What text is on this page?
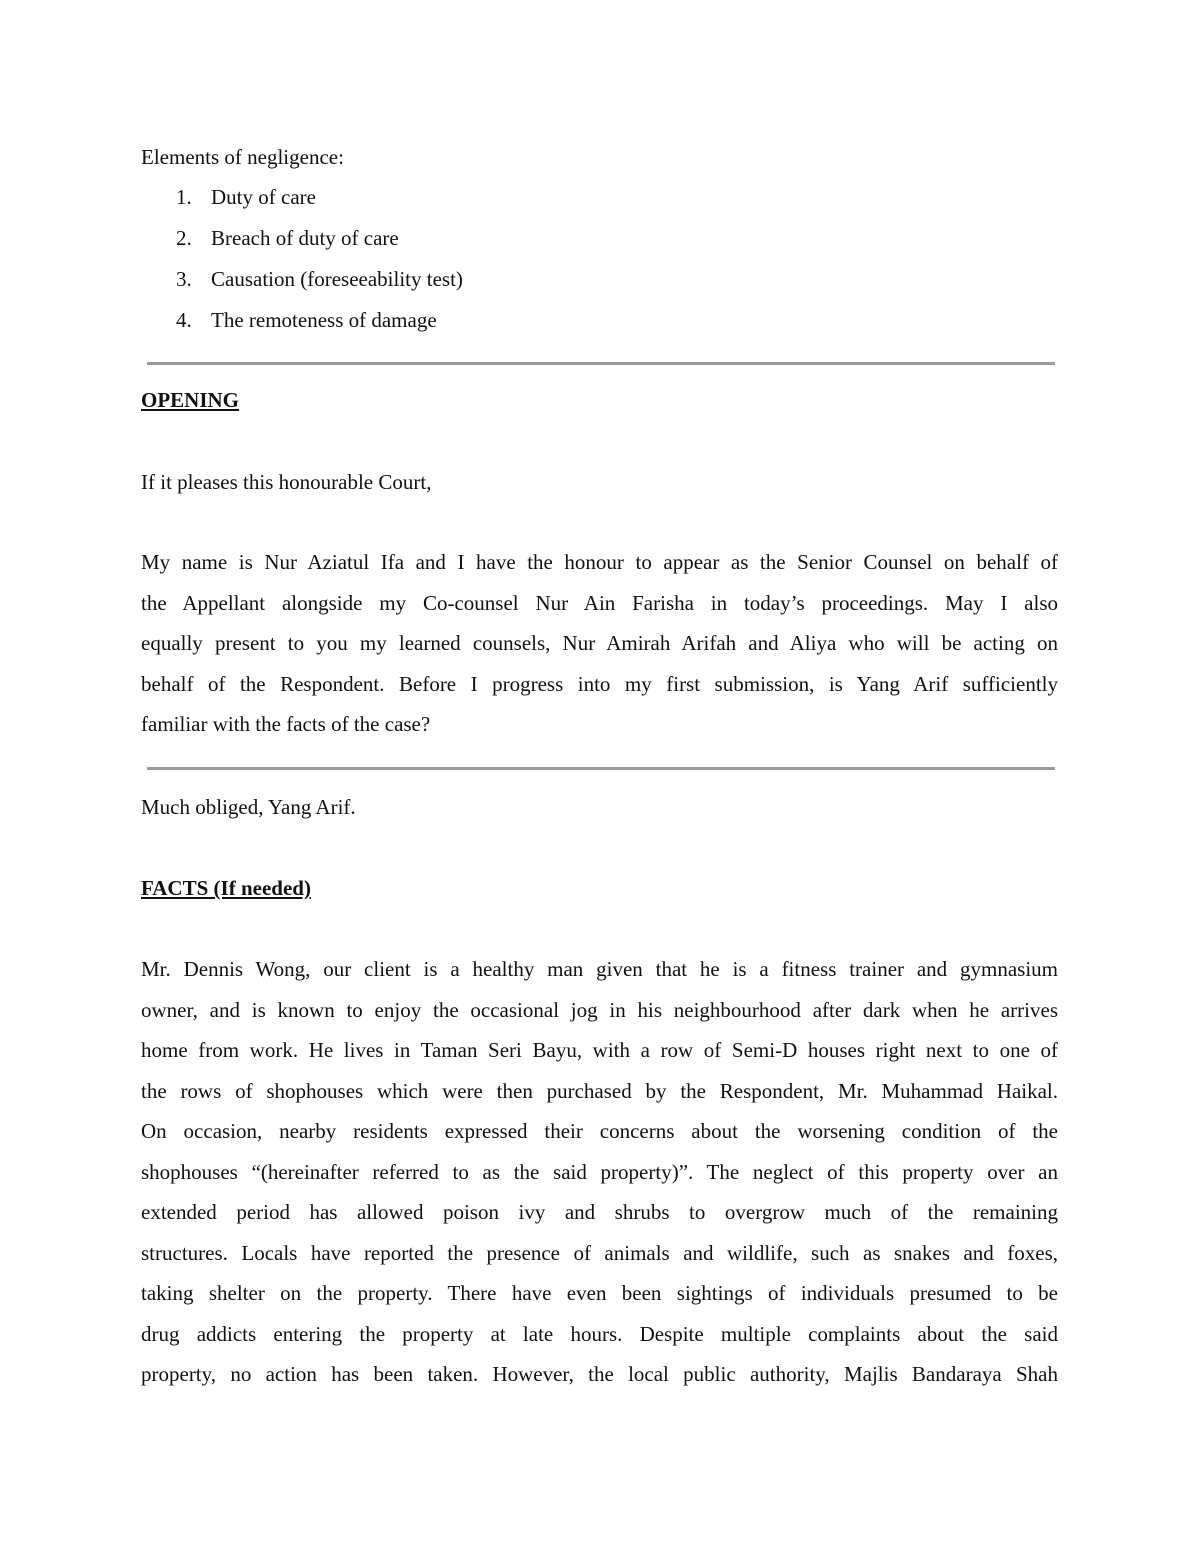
Elements of negligence:
1. Duty of care
2. Breach of duty of care
3. Causation (foreseeability test)
4. The remoteness of damage
OPENING
If it pleases this honourable Court,
My name is Nur Aziatul Ifa and I have the honour to appear as the Senior Counsel on behalf of
the Appellant alongside my Co-counsel Nur Ain Farisha in today’s proceedings. May I also
equally present to you my learned counsels, Nur Amirah Arifah and Aliya who will be acting on
behalf of the Respondent. Before I progress into my first submission, is Yang Arif sufficiently
familiar with the facts of the case?
Much obliged, Yang Arif.
FACTS (If needed)
Mr. Dennis Wong, our client is a healthy man given that he is a fitness trainer and gymnasium
owner, and is known to enjoy the occasional jog in his neighbourhood after dark when he arrives
home from work. He lives in Taman Seri Bayu, with a row of Semi-D houses right next to one of
the rows of shophouses which were then purchased by the Respondent, Mr. Muhammad Haikal.
On occasion, nearby residents expressed their concerns about the worsening condition of the
shophouses “(hereinafter referred to as the said property)”. The neglect of this property over an
extended period has allowed poison ivy and shrubs to overgrow much of the remaining
structures. Locals have reported the presence of animals and wildlife, such as snakes and foxes,
taking shelter on the property. There have even been sightings of individuals presumed to be
drug addicts entering the property at late hours. Despite multiple complaints about the said
property, no action has been taken. However, the local public authority, Majlis Bandaraya Shah
